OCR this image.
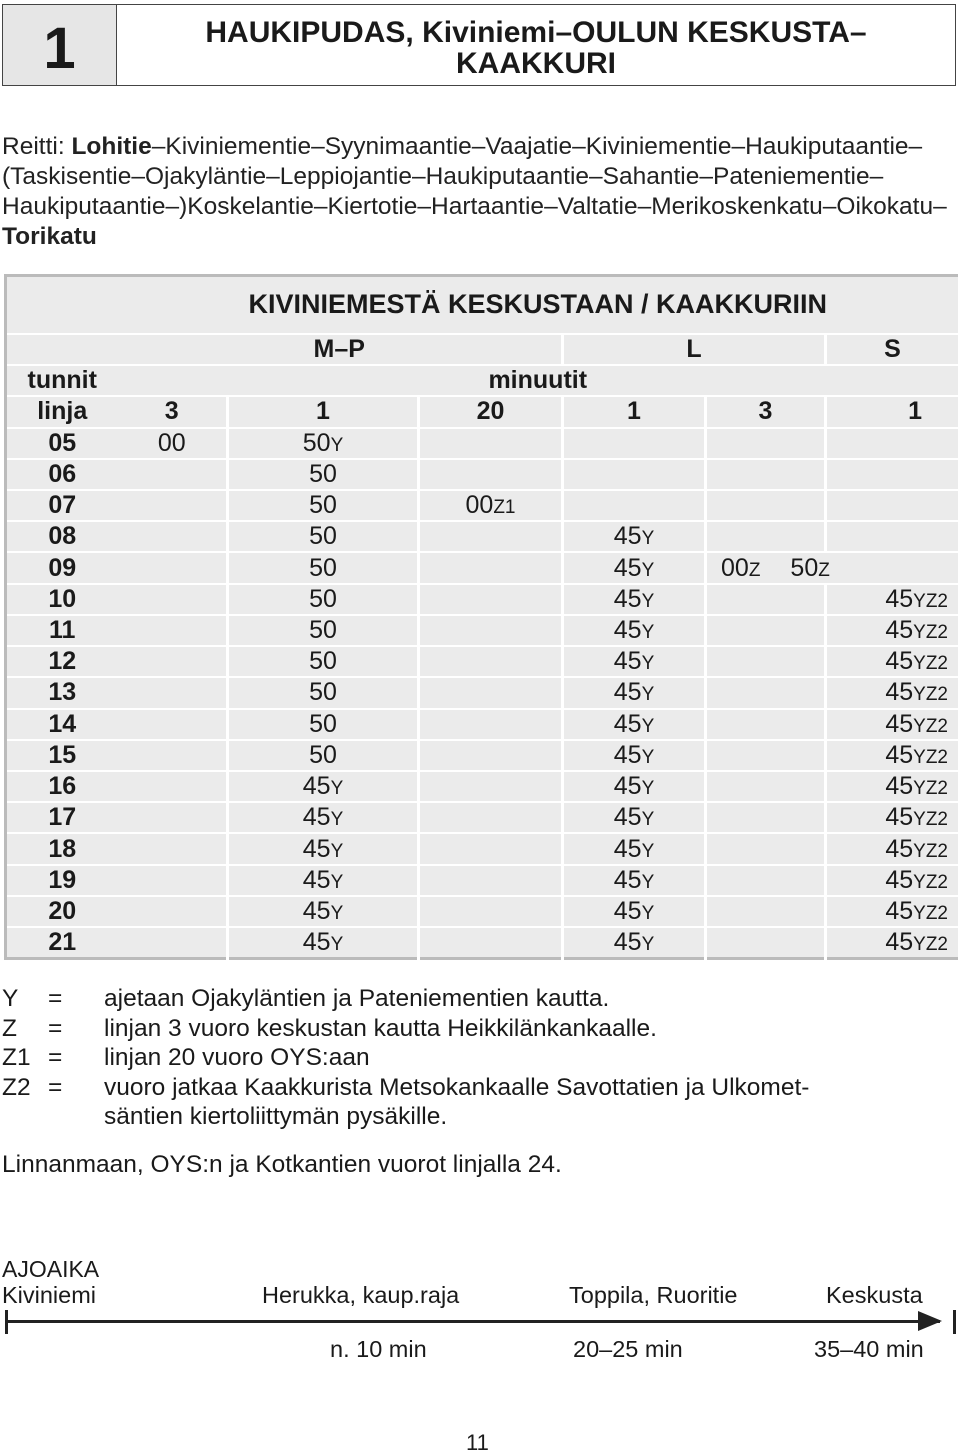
1	HAUKIPUDAS, Kiviniemi–OULUN KESKUSTA–
KAAKKURI
Reitti: Lohitie–Kiviniementie–Syynimaantie–Vaajatie–Kiviniementie–Haukiputaantie–(Taskisentie–Ojakyläntie–Leppiojantie–Haukiputaantie–Sahantie–Pateniementie–Haukiputaantie–)Koskelantie–Kiertotie–Hartaantie–Valtatie–Merikoskenkatu–Oikokatu–Torikatu
	KIVINIEMESTÄ KESKUSTAAN / KAAKKURIIN					
	M–P			L		S
tunnit	minuutit					
linja	3	1	20	1	3	1
05	00	50Y				
06		50				
07		50	00Z1			
08		50		45Y		
09		50		45Y	00Z 50Z	
10		50		45Y		45YZ2
11		50		45Y		45YZ2
12		50		45Y		45YZ2
13		50		45Y		45YZ2
14		50		45Y		45YZ2
15		50		45Y		45YZ2
16		45Y		45Y		45YZ2
17		45Y		45Y		45YZ2
18		45Y		45Y		45YZ2
19		45Y		45Y		45YZ2
20		45Y		45Y		45YZ2
21		45Y		45Y		45YZ2
Y	=	ajetaan Ojakyläntien ja Pateniementien kautta.
Z	=	linjan 3 vuoro keskustan kautta Heikkilänkankaalle.
Z1 =	linjan 20 vuoro OYS:aan
Z2 =	vuoro jatkaa Kaakkurista Metsokankaalle Savottatien ja Ulkomet-
säntien kiertoliittymän pysäkille.
Linnanmaan, OYS:n ja Kotkantien vuorot linjalla 24.
AJOAIKA
Kiviniemi	Herukka, kaup.raja	Toppila, Ruoritie	Keskusta
n. 10 min	20–25 min	35–40 min
11
